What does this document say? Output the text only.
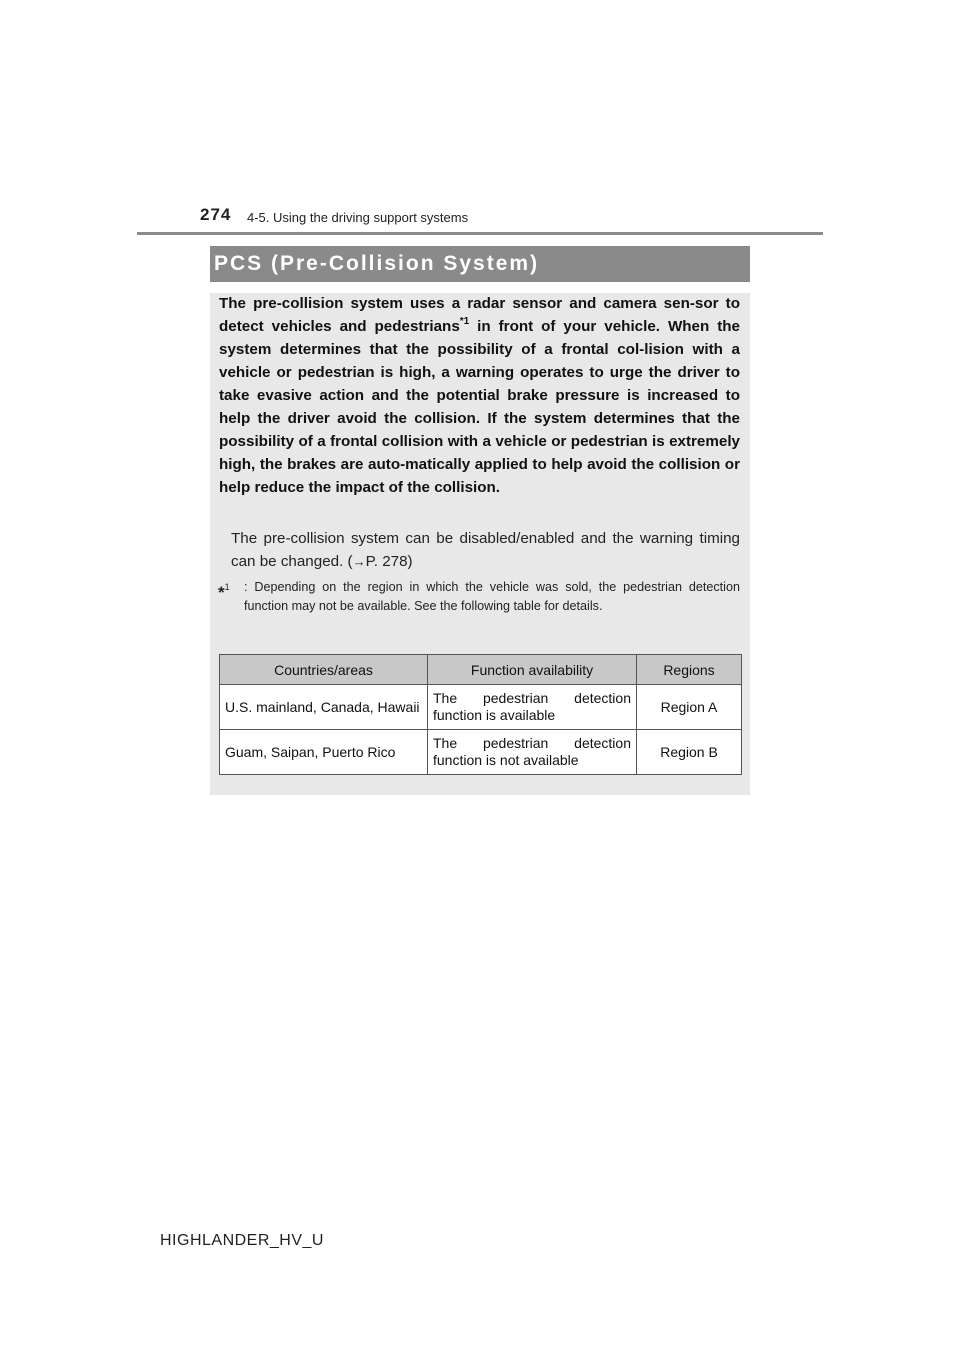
274 4-5. Using the driving support systems
PCS (Pre-Collision System)
The pre-collision system uses a radar sensor and camera sen-sor to detect vehicles and pedestrians$^{*1}$ in front of your vehicle. When the system determines that the possibility of a frontal col-lision with a vehicle or pedestrian is high, a warning operates to urge the driver to take evasive action and the potential brake pressure is increased to help the driver avoid the collision. If the system determines that the possibility of a frontal collision with a vehicle or pedestrian is extremely high, the brakes are auto-matically applied to help avoid the collision or help reduce the impact of the collision.
The pre-collision system can be disabled/enabled and the warning timing can be changed. (→P. 278)
*$^1$	: Depending on the region in which the vehicle was sold, the pedestrian detection function may not be available. See the following table for details.
Countries/areas	Function availability	Regions
U.S. mainland, Canada, Hawaii	The pedestrian detection function is available	Region A
Guam, Saipan, Puerto Rico	The pedestrian detection function is not available	Region B
HIGHLANDER_HV_U
